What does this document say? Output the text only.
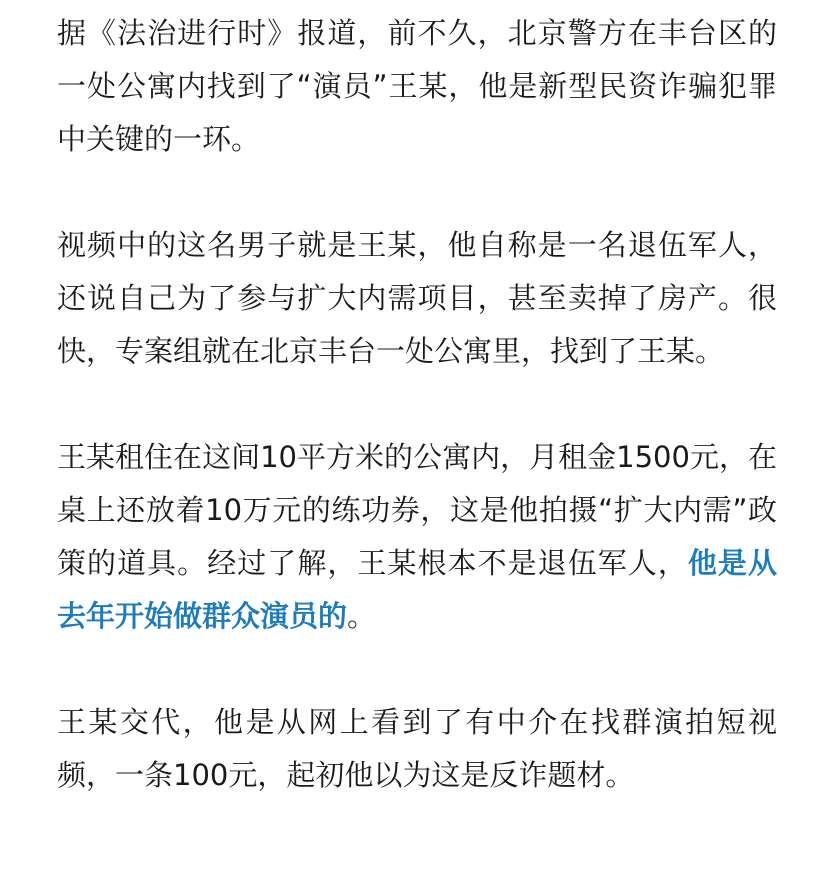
据《法治进行时》报道，前不久，北京警方在丰台区的一处公寓内找到了“演员”王某，他是新型民资诈骗犯罪中关键的一环。

视频中的这名男子就是王某，他自称是一名退伍军人，还说自己为了参与扩大内需项目，甚至卖掉了房产。很快，专案组就在北京丰台一处公寓里，找到了王某。

王某租住在这间10平方米的公寓内，月租金1500元，在桌上还放着10万元的练功券，这是他拍摄“扩大内需”政策的道具。经过了解，王某根本不是退伍军人，他是从去年开始做群众演员的。

王某交代，他是从网上看到了有中介在找群演拍短视频，一条100元，起初他以为这是反诈题材。
